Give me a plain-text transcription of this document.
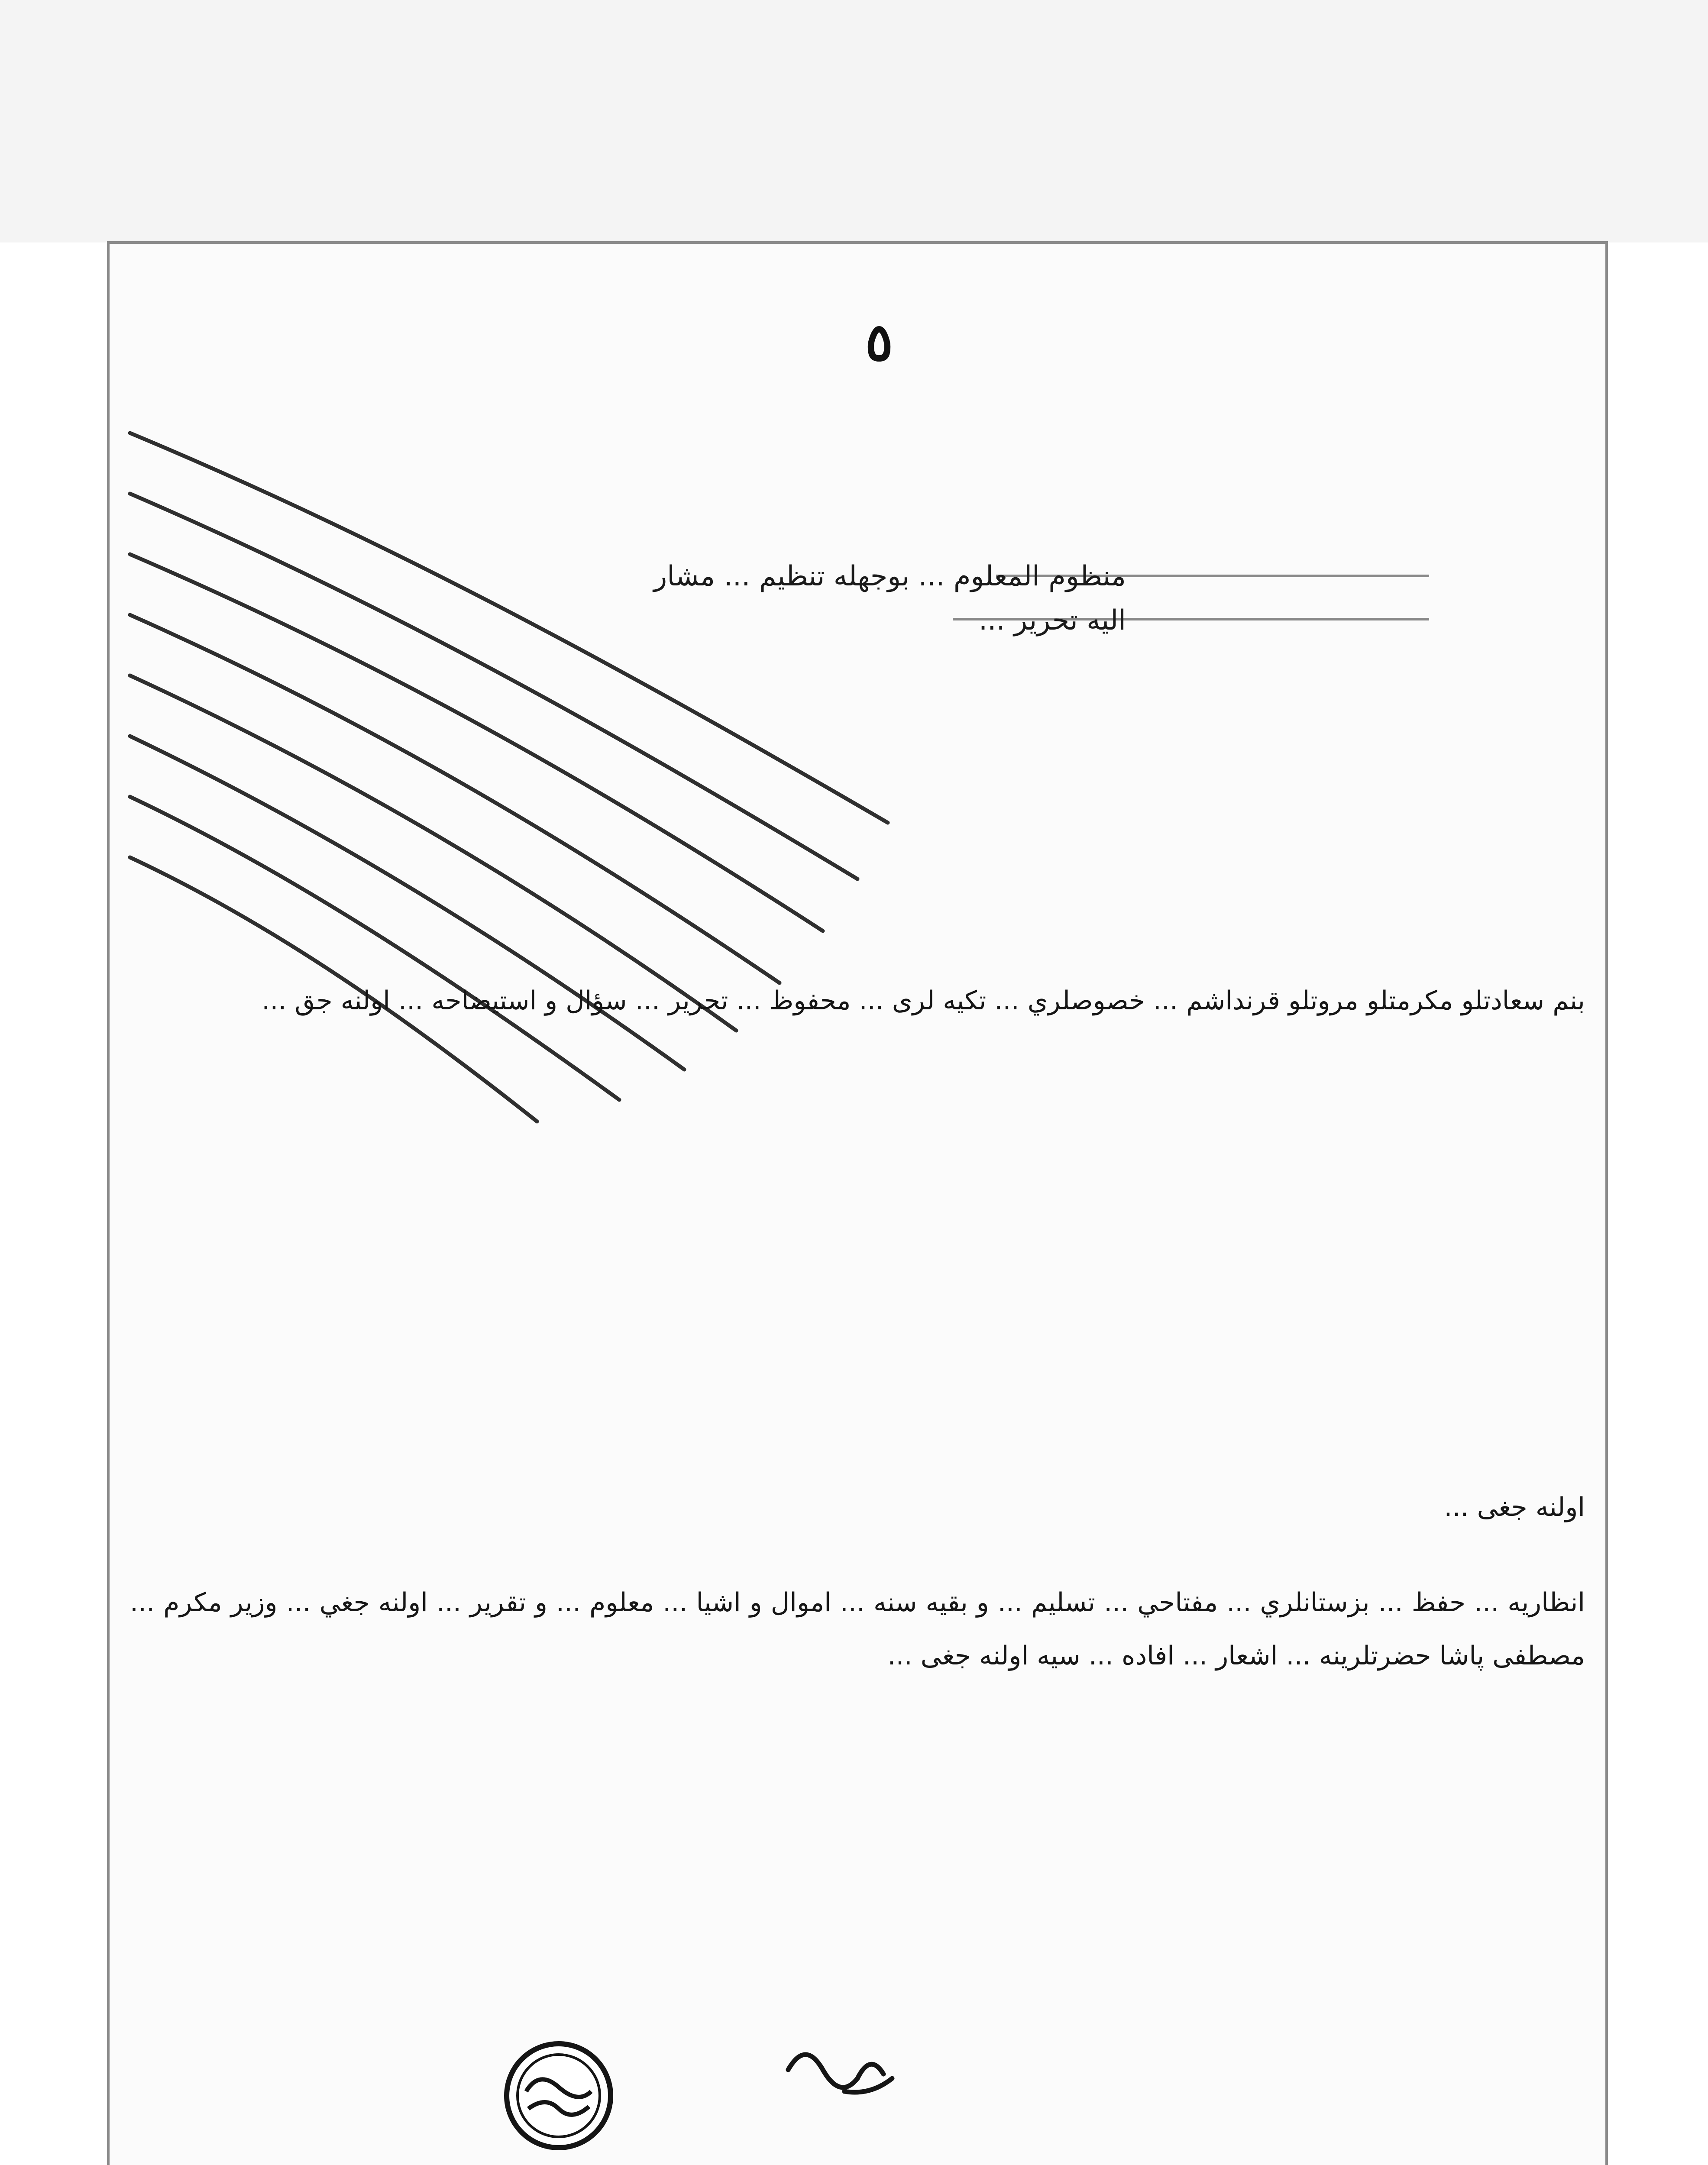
٥
منظوم المعلوم ... بوجهله تنظيم ... مشار اليه تحرير ...
بنم سعادتلو مكرمتلو مروتلو قرنداشم ... خصوصلري ... تكيه لرى ... محفوظ ... تحرير ... سؤال و استيضاحه ... اولنه جق ...
اولنه جغى ...
انظاريه ... حفظ ... بزستانلري ... مفتاحي ... تسليم ... و بقيه سنه ... اموال و اشيا ... معلوم ... و تقرير ... اولنه جغي ... وزير مكرم ... مصطفى پاشا حضرتلرينه ... اشعار ... افاده ... سيه اولنه جغى ...
